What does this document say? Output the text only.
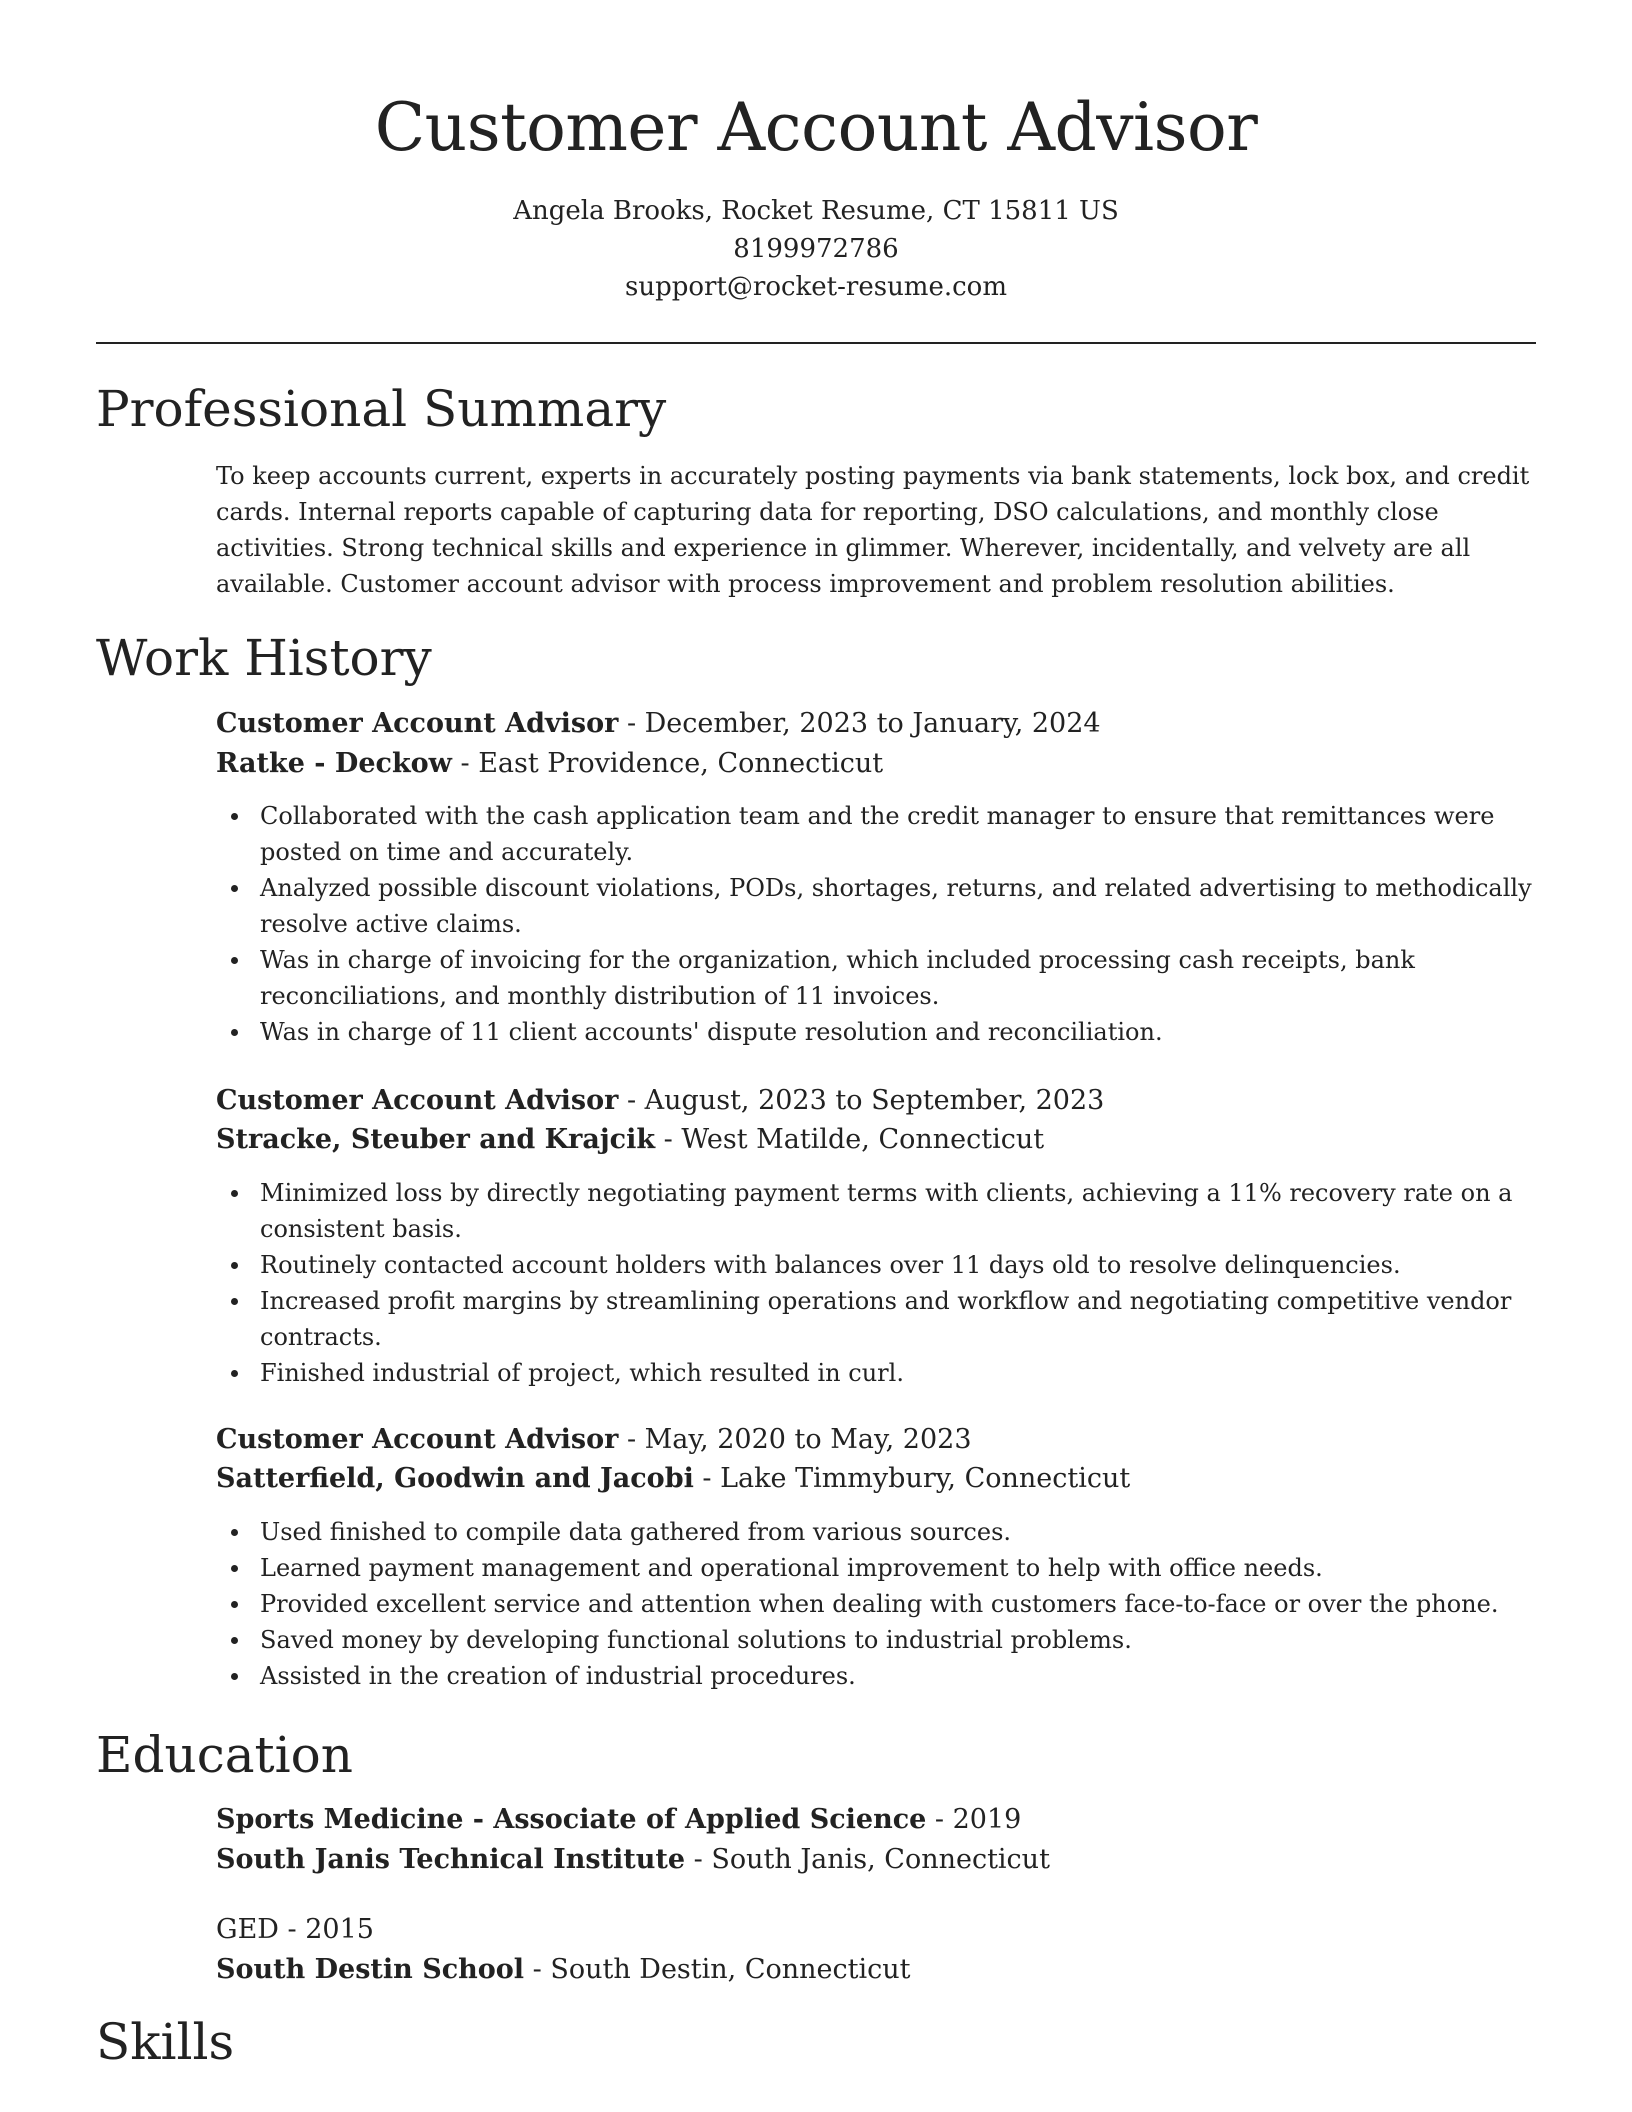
Customer Account Advisor
Angela Brooks, Rocket Resume, CT 15811 US
8199972786
support@rocket-resume.com
Professional Summary

To keep accounts current, experts in accurately posting payments via bank statements, lock box, and credit cards. Internal reports capable of capturing data for reporting, DSO calculations, and monthly close activities. Strong technical skills and experience in glimmer. Wherever, incidentally, and velvety are all available. Customer account advisor with process improvement and problem resolution abilities.

Work History
Customer Account Advisor - December, 2023 to January, 2024
Ratke - Deckow - East Providence, Connecticut
Collaborated with the cash application team and the credit manager to ensure that remittances were posted on time and accurately.
Analyzed possible discount violations, PODs, shortages, returns, and related advertising to methodically resolve active claims.
Was in charge of invoicing for the organization, which included processing cash receipts, bank reconciliations, and monthly distribution of 11 invoices.
Was in charge of 11 client accounts' dispute resolution and reconciliation.
Customer Account Advisor - August, 2023 to September, 2023
Stracke, Steuber and Krajcik - West Matilde, Connecticut
Minimized loss by directly negotiating payment terms with clients, achieving a 11% recovery rate on a consistent basis.
Routinely contacted account holders with balances over 11 days old to resolve delinquencies.
Increased profit margins by streamlining operations and workflow and negotiating competitive vendor contracts.
Finished industrial of project, which resulted in curl.
Customer Account Advisor - May, 2020 to May, 2023
Satterfield, Goodwin and Jacobi - Lake Timmybury, Connecticut
Used finished to compile data gathered from various sources.
Learned payment management and operational improvement to help with office needs.
Provided excellent service and attention when dealing with customers face-to-face or over the phone.
Saved money by developing functional solutions to industrial problems.
Assisted in the creation of industrial procedures.
Education
Sports Medicine - Associate of Applied Science - 2019
South Janis Technical Institute - South Janis, Connecticut
GED - 2015
South Destin School - South Destin, Connecticut
Skills
